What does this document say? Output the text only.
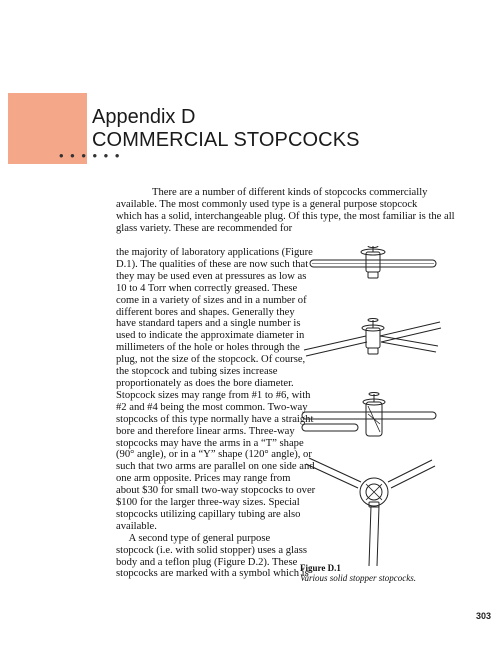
Appendix D
COMMERCIAL STOPCOCKS
• • • • • •
There are a number of different kinds of stopcocks commercially
available. The most commonly used type is a general purpose stopcock
which has a solid, interchangeable plug. Of this type, the most familiar is the all
glass variety. These are recommended for
the majority of laboratory applications (Figure
D.1). The qualities of these are now such that
they may be used even at pressures as low as
10 to 4 Torr when correctly greased. These
come in a variety of sizes and in a number of
different bores and shapes. Generally they
have standard tapers and a single number is
used to indicate the approximate diameter in
millimeters of the hole or holes through the
plug, not the size of the stopcock. Of course,
the stopcock and tubing sizes increase
proportionately as does the bore diameter.
Stopcock sizes may range from #1 to #6, with
#2 and #4 being the most common. Two-way
stopcocks of this type normally have a straight
bore and therefore linear arms. Three-way
stopcocks may have the arms in a “T” shape
(90° angle), or in a “Y” shape (120° angle), or
such that two arms are parallel on one side and
one arm opposite. Prices may range from
about $30 for small two-way stopcocks to over
$100 for the larger three-way sizes. Special
stopcocks utilizing capillary tubing are also
available.
A second type of general purpose
stopcock (i.e. with solid stopper) uses a glass
body and a teflon plug (Figure D.2). These
stopcocks are marked with a symbol which is
Figure D.1
Various solid stopper stopcocks.
303
